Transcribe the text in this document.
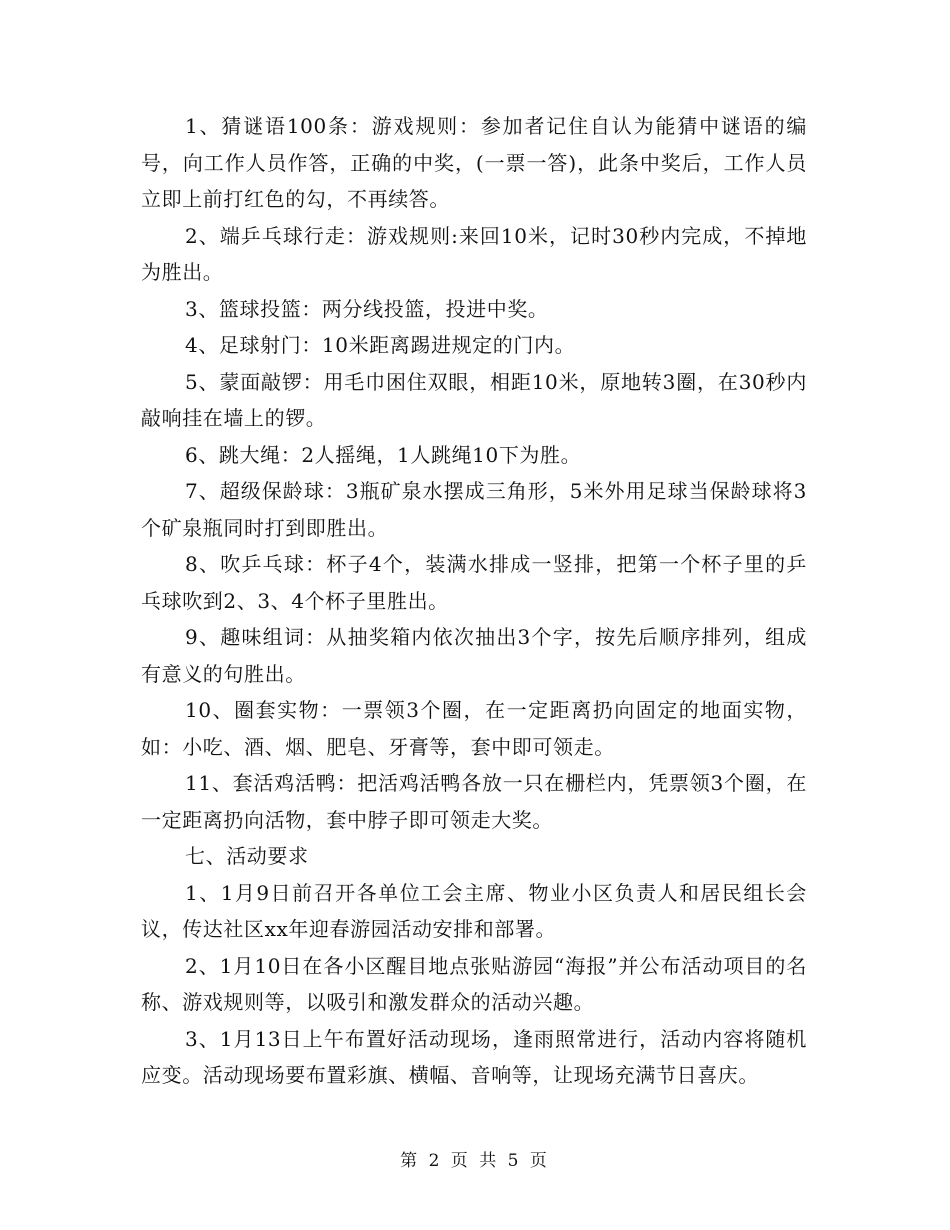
1、猜谜语100条：游戏规则：参加者记住自认为能猜中谜语的编号，向工作人员作答，正确的中奖，(一票一答)，此条中奖后，工作人员立即上前打红色的勾，不再续答。

2、端乒乓球行走：游戏规则:来回10米，记时30秒内完成，不掉地为胜出。

3、篮球投篮：两分线投篮，投进中奖。

4、足球射门：10米距离踢进规定的门内。

5、蒙面敲锣：用毛巾困住双眼，相距10米，原地转3圈，在30秒内敲响挂在墙上的锣。

6、跳大绳：2人摇绳，1人跳绳10下为胜。

7、超级保龄球：3瓶矿泉水摆成三角形，5米外用足球当保龄球将3个矿泉瓶同时打到即胜出。

8、吹乒乓球：杯子4个，装满水排成一竖排，把第一个杯子里的乒乓球吹到2、3、4个杯子里胜出。

9、趣味组词：从抽奖箱内依次抽出3个字，按先后顺序排列，组成有意义的句胜出。

10、圈套实物：一票领3个圈，在一定距离扔向固定的地面实物，如：小吃、酒、烟、肥皂、牙膏等，套中即可领走。

11、套活鸡活鸭：把活鸡活鸭各放一只在栅栏内，凭票领3个圈，在一定距离扔向活物，套中脖子即可领走大奖。

七、活动要求

1、1月9日前召开各单位工会主席、物业小区负责人和居民组长会议，传达社区xx年迎春游园活动安排和部署。

2、1月10日在各小区醒目地点张贴游园“海报”并公布活动项目的名称、游戏规则等，以吸引和激发群众的活动兴趣。

3、1月13日上午布置好活动现场，逢雨照常进行，活动内容将随机应变。活动现场要布置彩旗、横幅、音响等，让现场充满节日喜庆。

第 2 页 共 5 页
